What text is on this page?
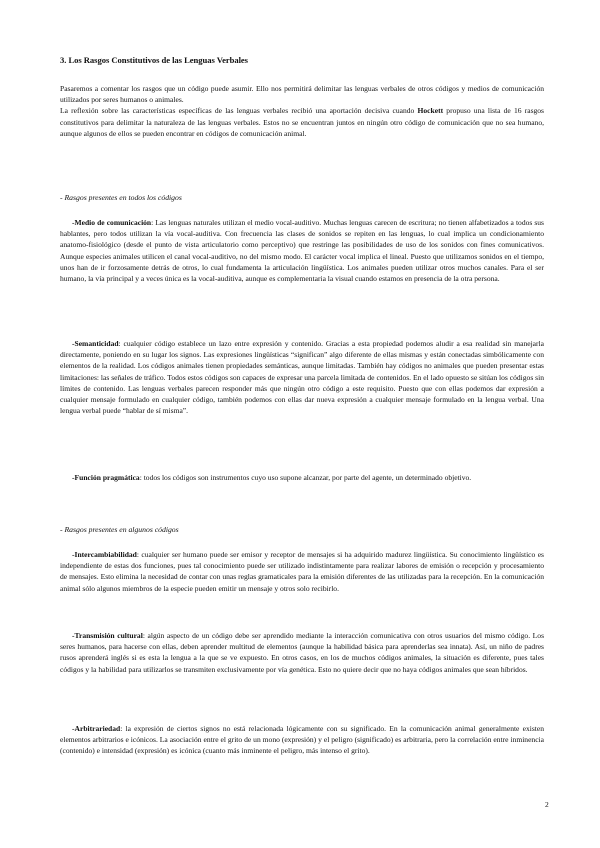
3. Los Rasgos Constitutivos de las Lenguas Verbales

Pasaremos a comentar los rasgos que un código puede asumir. Ello nos permitirá delimitar las lenguas verbales de otros códigos y medios de comunicación utilizados por seres humanos o animales.
La reflexión sobre las características específicas de las lenguas verbales recibió una aportación decisiva cuando Hockett propuso una lista de 16 rasgos constitutivos para delimitar la naturaleza de las lenguas verbales. Estos no se encuentran juntos en ningún otro código de comunicación que no sea humano, aunque algunos de ellos se pueden encontrar en códigos de comunicación animal.

- Rasgos presentes en todos los códigos

-Medio de comunicación: Las lenguas naturales utilizan el medio vocal-auditivo. Muchas lenguas carecen de escritura; no tienen alfabetizados a todos sus hablantes, pero todos utilizan la vía vocal-auditiva. Con frecuencia las clases de sonidos se repiten en las lenguas, lo cual implica un condicionamiento anatomo-fisiológico (desde el punto de vista articulatorio como perceptivo) que restringe las posibilidades de uso de los sonidos con fines comunicativos. Aunque especies animales utilicen el canal vocal-auditivo, no del mismo modo. El carácter vocal implica el lineal. Puesto que utilizamos sonidos en el tiempo, unos han de ir forzosamente detrás de otros, lo cual fundamenta la articulación lingüística. Los animales pueden utilizar otros muchos canales. Para el ser humano, la vía principal y a veces única es la vocal-auditiva, aunque es complementaria la visual cuando estamos en presencia de la otra persona.

-Semanticidad: cualquier código establece un lazo entre expresión y contenido. Gracias a esta propiedad podemos aludir a esa realidad sin manejarla directamente, poniendo en su lugar los signos. Las expresiones lingüísticas “significan” algo diferente de ellas mismas y están conectadas simbólicamente con elementos de la realidad. Los códigos animales tienen propiedades semánticas, aunque limitadas. También hay códigos no animales que pueden presentar estas limitaciones: las señales de tráfico. Todos estos códigos son capaces de expresar una parcela limitada de contenidos. En el lado opuesto se sitúan los códigos sin límites de contenido. Las lenguas verbales parecen responder más que ningún otro código a este requisito. Puesto que con ellas podemos dar expresión a cualquier mensaje formulado en cualquier código, también podemos con ellas dar nueva expresión a cualquier mensaje formulado en la lengua verbal. Una lengua verbal puede “hablar de sí misma”.

-Función pragmática: todos los códigos son instrumentos cuyo uso supone alcanzar, por parte del agente, un determinado objetivo.

- Rasgos presentes en algunos códigos

-Intercambiabilidad: cualquier ser humano puede ser emisor y receptor de mensajes si ha adquirido madurez lingüística. Su conocimiento lingüístico es independiente de estas dos funciones, pues tal conocimiento puede ser utilizado indistintamente para realizar labores de emisión o recepción y procesamiento de mensajes. Esto elimina la necesidad de contar con unas reglas gramaticales para la emisión diferentes de las utilizadas para la recepción. En la comunicación animal sólo algunos miembros de la especie pueden emitir un mensaje y otros solo recibirlo.

-Transmisión cultural: algún aspecto de un código debe ser aprendido mediante la interacción comunicativa con otros usuarios del mismo código. Los seres humanos, para hacerse con ellas, deben aprender multitud de elementos (aunque la habilidad básica para aprenderlas sea innata). Así, un niño de padres rusos aprenderá inglés si es esta la lengua a la que se ve expuesto. En otros casos, en los de muchos códigos animales, la situación es diferente, pues tales códigos y la habilidad para utilizarlos se transmiten exclusivamente por vía genética. Esto no quiere decir que no haya códigos animales que sean híbridos.

-Arbitrariedad: la expresión de ciertos signos no está relacionada lógicamente con su significado. En la comunicación animal generalmente existen elementos arbitrarios e icónicos. La asociación entre el grito de un mono (expresión) y el peligro (significado) es arbitraria, pero la correlación entre inminencia (contenido) e intensidad (expresión) es icónica (cuanto más inminente el peligro, más intenso el grito).

2
